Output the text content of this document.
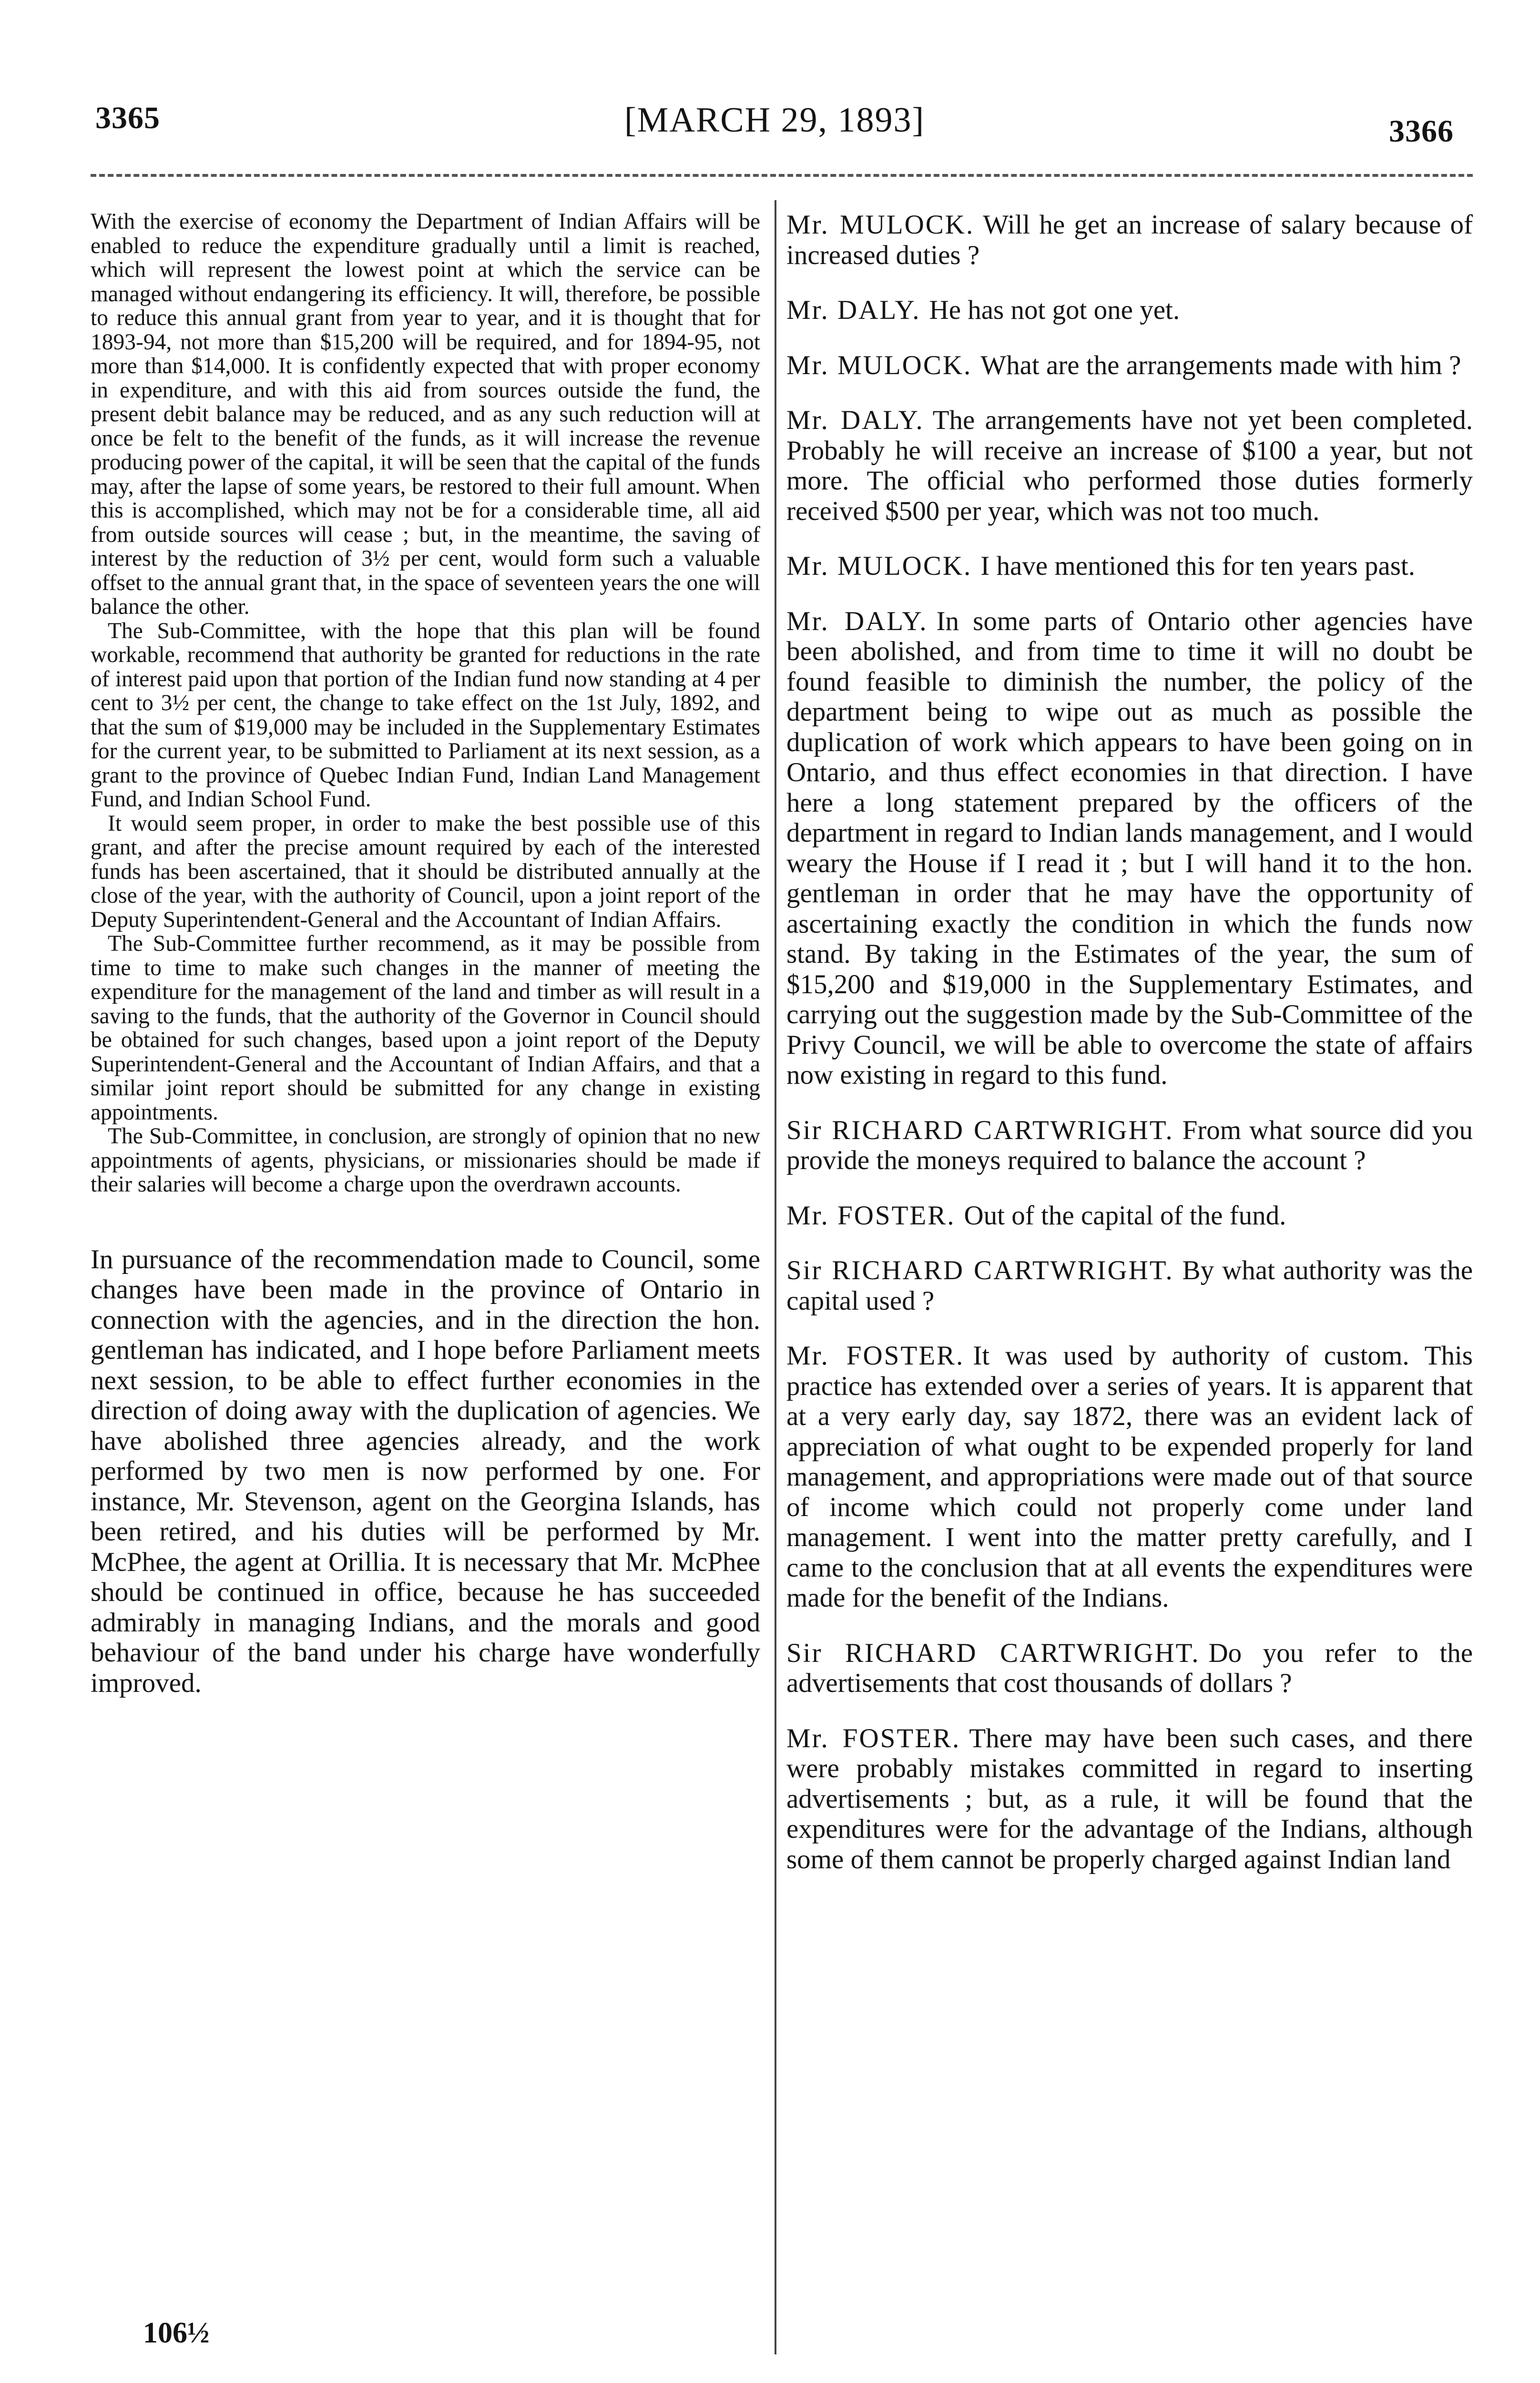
3365	[MARCH 29, 1893]	3366

With the exercise of economy the Department of Indian Affairs will be enabled to reduce the expenditure gradually until a limit is reached, which will represent the lowest point at which the service can be managed without endangering its efficiency. It will, therefore, be possible to reduce this annual grant from year to year, and it is thought that for 1893-94, not more than $15,200 will be required, and for 1894-95, not more than $14,000. It is confidently expected that with proper economy in expenditure, and with this aid from sources outside the fund, the present debit balance may be reduced, and as any such reduction will at once be felt to the benefit of the funds, as it will increase the revenue producing power of the capital, it will be seen that the capital of the funds may, after the lapse of some years, be restored to their full amount. When this is accomplished, which may not be for a considerable time, all aid from outside sources will cease ; but, in the meantime, the saving of interest by the reduction of 3½ per cent, would form such a valuable offset to the annual grant that, in the space of seventeen years the one will balance the other.

The Sub-Committee, with the hope that this plan will be found workable, recommend that authority be granted for reductions in the rate of interest paid upon that portion of the Indian fund now standing at 4 per cent to 3½ per cent, the change to take effect on the 1st July, 1892, and that the sum of $19,000 may be included in the Supplementary Estimates for the current year, to be submitted to Parliament at its next session, as a grant to the province of Quebec Indian Fund, Indian Land Management Fund, and Indian School Fund.

It would seem proper, in order to make the best possible use of this grant, and after the precise amount required by each of the interested funds has been ascertained, that it should be distributed annually at the close of the year, with the authority of Council, upon a joint report of the Deputy Superintendent-General and the Accountant of Indian Affairs.

The Sub-Committee further recommend, as it may be possible from time to time to make such changes in the manner of meeting the expenditure for the management of the land and timber as will result in a saving to the funds, that the authority of the Governor in Council should be obtained for such changes, based upon a joint report of the Deputy Superintendent-General and the Accountant of Indian Affairs, and that a similar joint report should be submitted for any change in existing appointments.

The Sub-Committee, in conclusion, are strongly of opinion that no new appointments of agents, physicians, or missionaries should be made if their salaries will become a charge upon the overdrawn accounts.

In pursuance of the recommendation made to Council, some changes have been made in the province of Ontario in connection with the agencies, and in the direction the hon. gentleman has indicated, and I hope before Parliament meets next session, to be able to effect further economies in the direction of doing away with the duplication of agencies. We have abolished three agencies already, and the work performed by two men is now performed by one. For instance, Mr. Stevenson, agent on the Georgina Islands, has been retired, and his duties will be performed by Mr. McPhee, the agent at Orillia. It is necessary that Mr. McPhee should be continued in office, because he has succeeded admirably in managing Indians, and the morals and good behaviour of the band under his charge have wonderfully improved.

106½

Mr. MULOCK. Will he get an increase of salary because of increased duties ?

Mr. DALY. He has not got one yet.

Mr. MULOCK. What are the arrangements made with him ?

Mr. DALY. The arrangements have not yet been completed. Probably he will receive an increase of $100 a year, but not more. The official who performed those duties formerly received $500 per year, which was not too much.

Mr. MULOCK. I have mentioned this for ten years past.

Mr. DALY. In some parts of Ontario other agencies have been abolished, and from time to time it will no doubt be found feasible to diminish the number, the policy of the department being to wipe out as much as possible the duplication of work which appears to have been going on in Ontario, and thus effect economies in that direction. I have here a long statement prepared by the officers of the department in regard to Indian lands management, and I would weary the House if I read it ; but I will hand it to the hon. gentleman in order that he may have the opportunity of ascertaining exactly the condition in which the funds now stand. By taking in the Estimates of the year, the sum of $15,200 and $19,000 in the Supplementary Estimates, and carrying out the suggestion made by the Sub-Committee of the Privy Council, we will be able to overcome the state of affairs now existing in regard to this fund.

Sir RICHARD CARTWRIGHT. From what source did you provide the moneys required to balance the account ?

Mr. FOSTER. Out of the capital of the fund.

Sir RICHARD CARTWRIGHT. By what authority was the capital used ?

Mr. FOSTER. It was used by authority of custom. This practice has extended over a series of years. It is apparent that at a very early day, say 1872, there was an evident lack of appreciation of what ought to be expended properly for land management, and appropriations were made out of that source of income which could not properly come under land management. I went into the matter pretty carefully, and I came to the conclusion that at all events the expenditures were made for the benefit of the Indians.

Sir RICHARD CARTWRIGHT. Do you refer to the advertisements that cost thousands of dollars ?

Mr. FOSTER. There may have been such cases, and there were probably mistakes committed in regard to inserting advertisements ; but, as a rule, it will be found that the expenditures were for the advantage of the Indians, although some of them cannot be properly charged against Indian land
